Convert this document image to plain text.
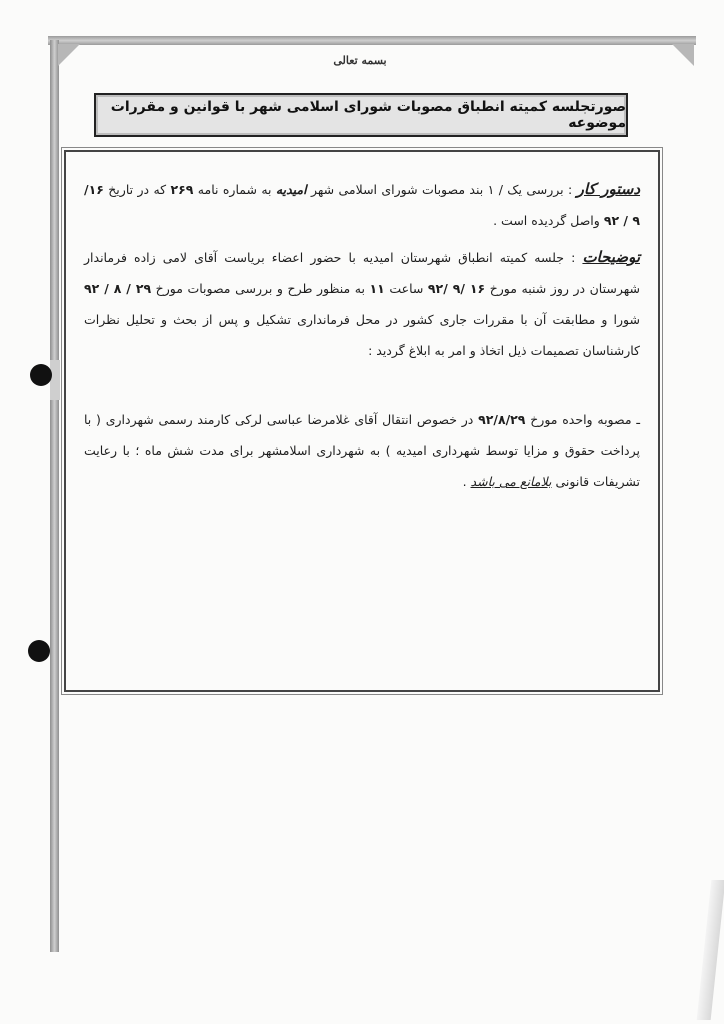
بسمه تعالی
صورتجلسه کمیته انطباق مصوبات شورای اسلامی شهر با قوانین و مقررات موضوعه
دستور کار : بررسی یک / ۱ بند مصوبات شورای اسلامی شهر امیدیه به شماره نامه ۲۶۹ که در تاریخ ۱۶/ ۹ / ۹۲ واصل گردیده است .
توضیحات : جلسه کمیته انطباق شهرستان امیدیه با حضور اعضاء بریاست آقای لامی زاده فرماندار شهرستان در روز شنبه مورخ ۱۶ /۹ /۹۲ ساعت ۱۱ به منظور طرح و بررسی مصوبات مورخ ۲۹ / ۸ / ۹۲ شورا و مطابقت آن با مقررات جاری کشور در محل فرمانداری تشکیل و پس از بحث و تحلیل نظرات کارشناسان تصمیمات ذیل اتخاذ و امر به ابلاغ گردید :
ـ مصوبه واحده مورخ ۹۲/۸/۲۹ در خصوص انتقال آقای غلامرضا عباسی لرکی کارمند رسمی شهرداری ( با پرداخت حقوق و مزایا توسط شهرداری امیدیه ) به شهرداری اسلامشهر برای مدت شش ماه ؛ با رعایت تشریفات قانونی بلامانع می باشد .
